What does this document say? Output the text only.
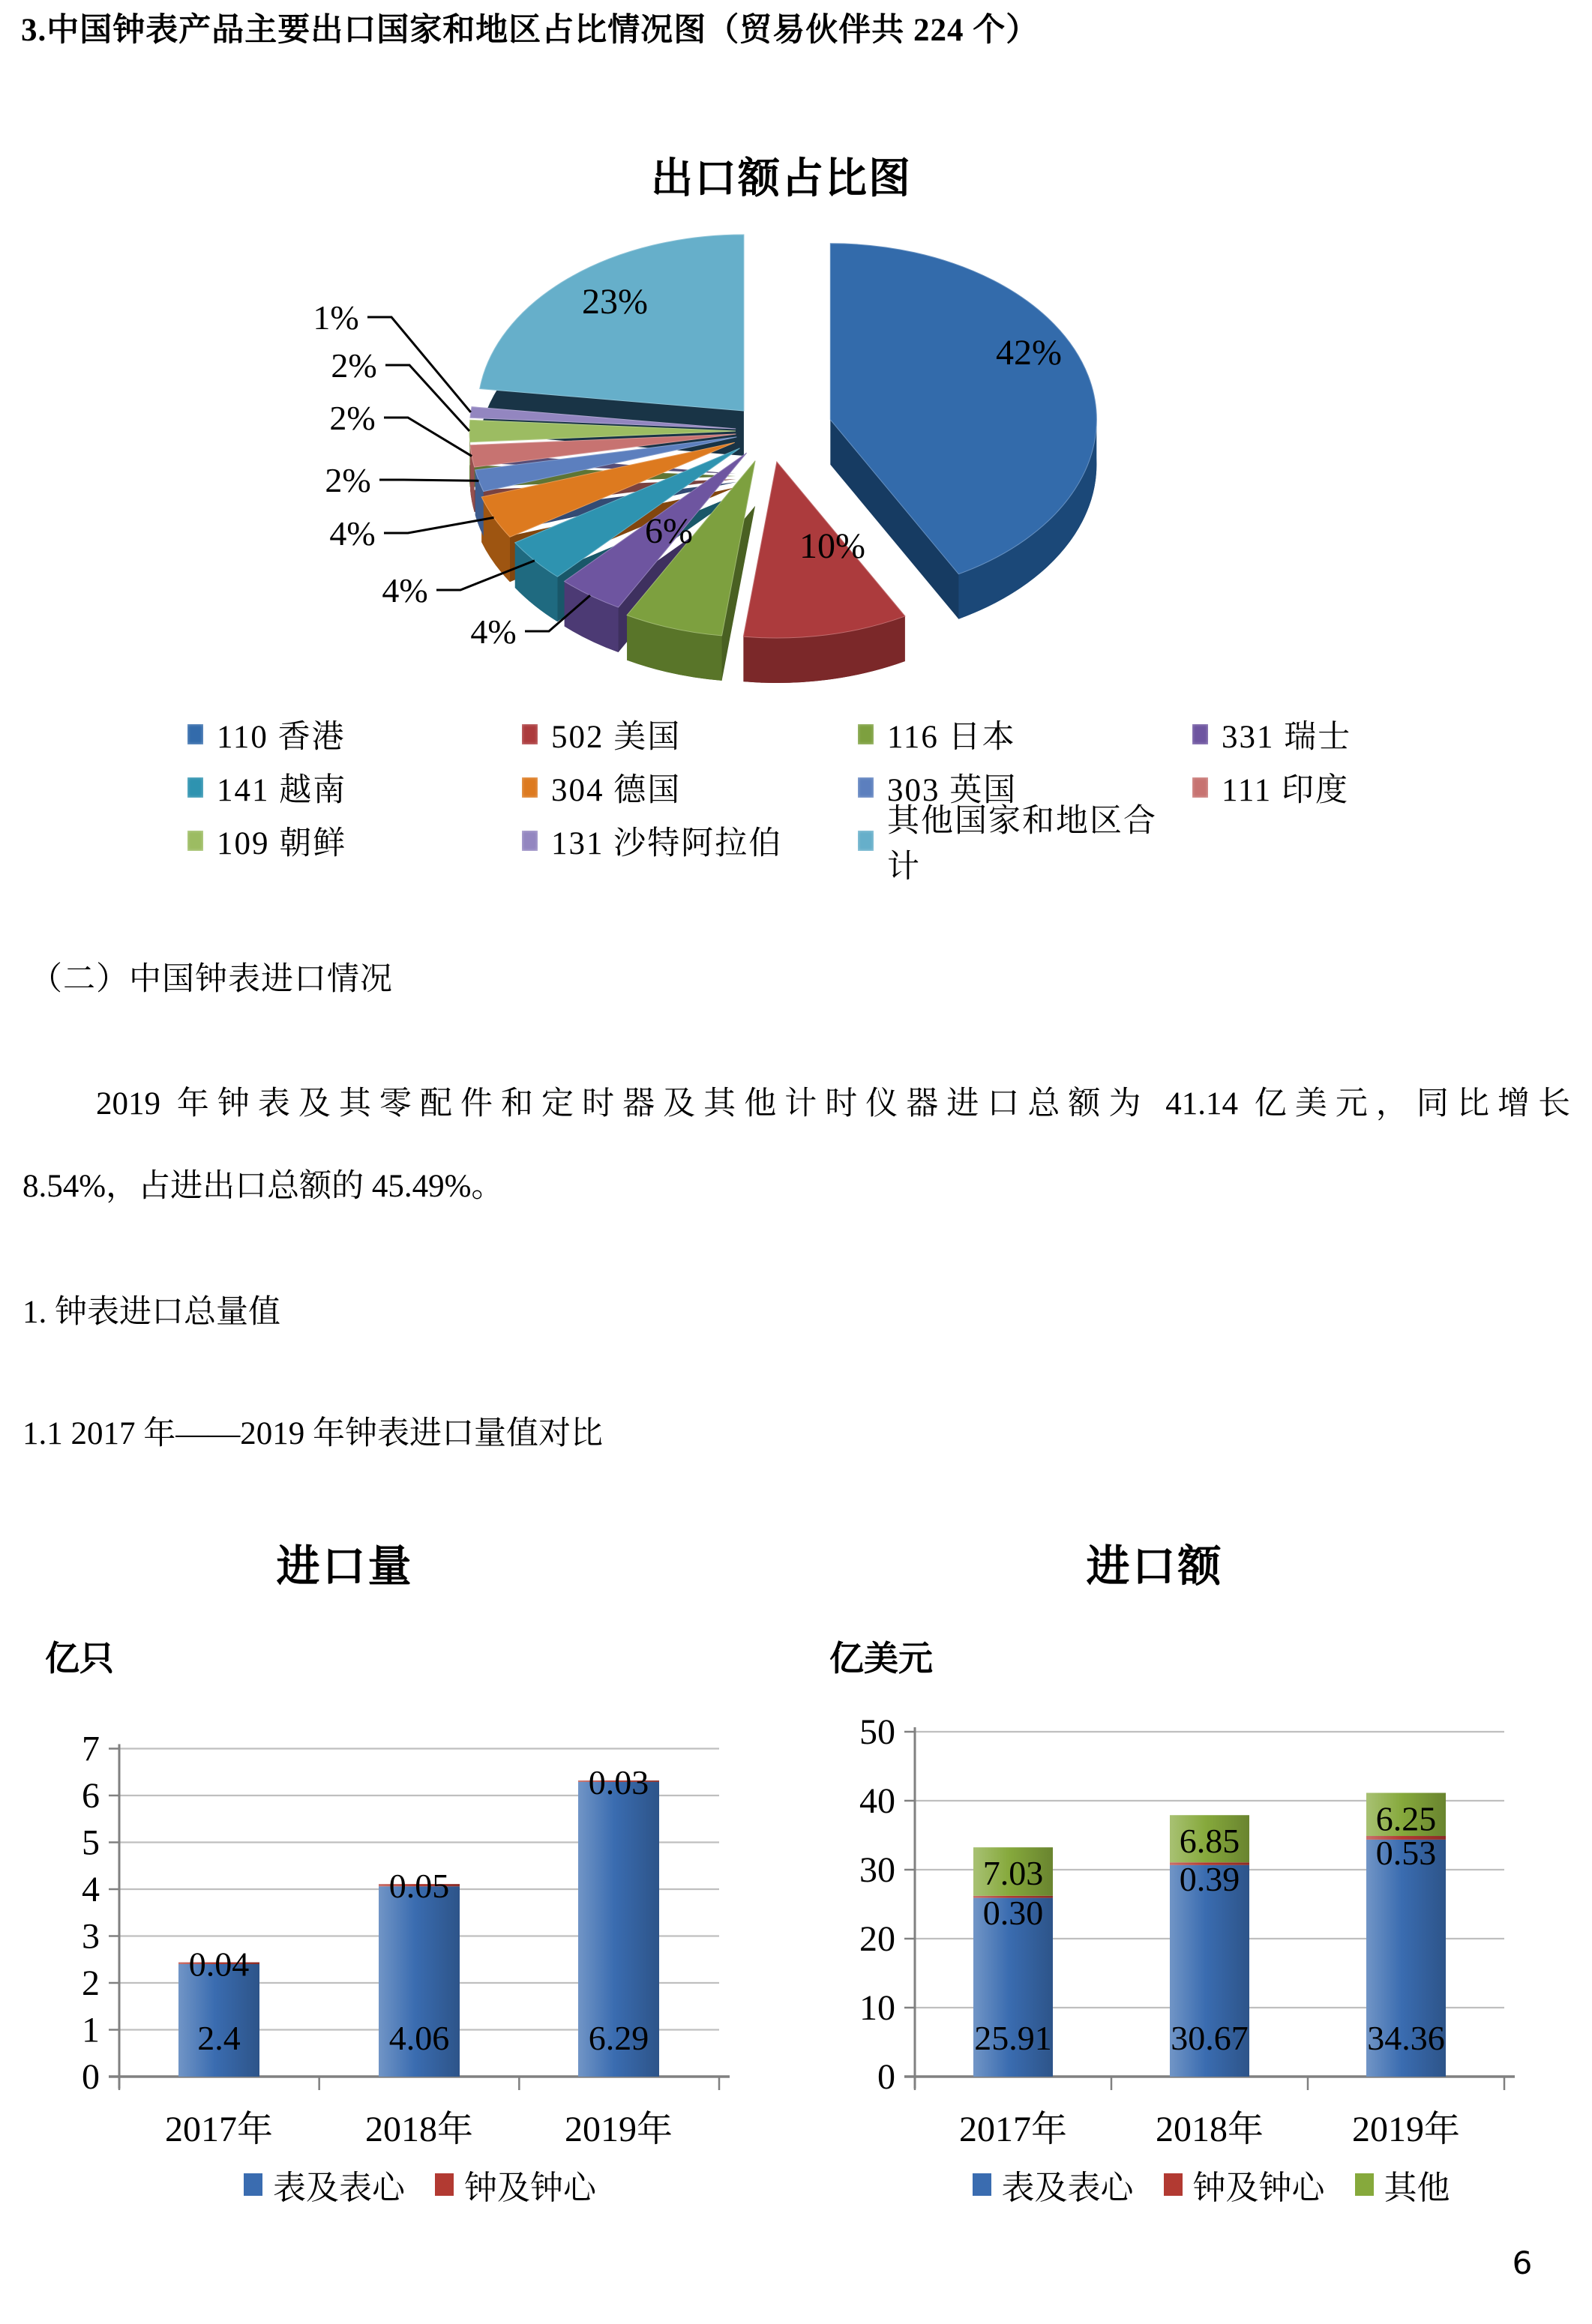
3.中国钟表产品主要出口国家和地区占比情况图（贸易伙伴共 224 个）
出口额占比图
42%
10%
6%
4%
4%
4%
2%
2%
2%
1%	23%
110 香港	502 美国	116 日本	331 瑞士
141 越南	304 德国	303 英国	111 印度
109 朝鲜	131 沙特阿拉伯
其他国家和地区合计
（二）中国钟表进口情况
2019 年钟表及其零配件和定时器及其他计时仪器进口总额为 41.14 亿美元，同比增长
8.54%，占进出口总额的 45.49%。
1. 钟表进口总量值
1.1 2017 年——2019 年钟表进口量值对比
进口量	进口额
亿只	亿美元
0
1
2
3
4
5
6
7
2.4
0.04
2017年
4.06
0.05
2018年
6.29
0.03
2019年
0
10
20
30
40
50
25.91
0.30
7.03
2017年
30.67
0.39
6.85
2018年
34.36
0.53
6.25
2019年
表及表心 钟及钟心	表及表心 钟及钟心 其他
6
